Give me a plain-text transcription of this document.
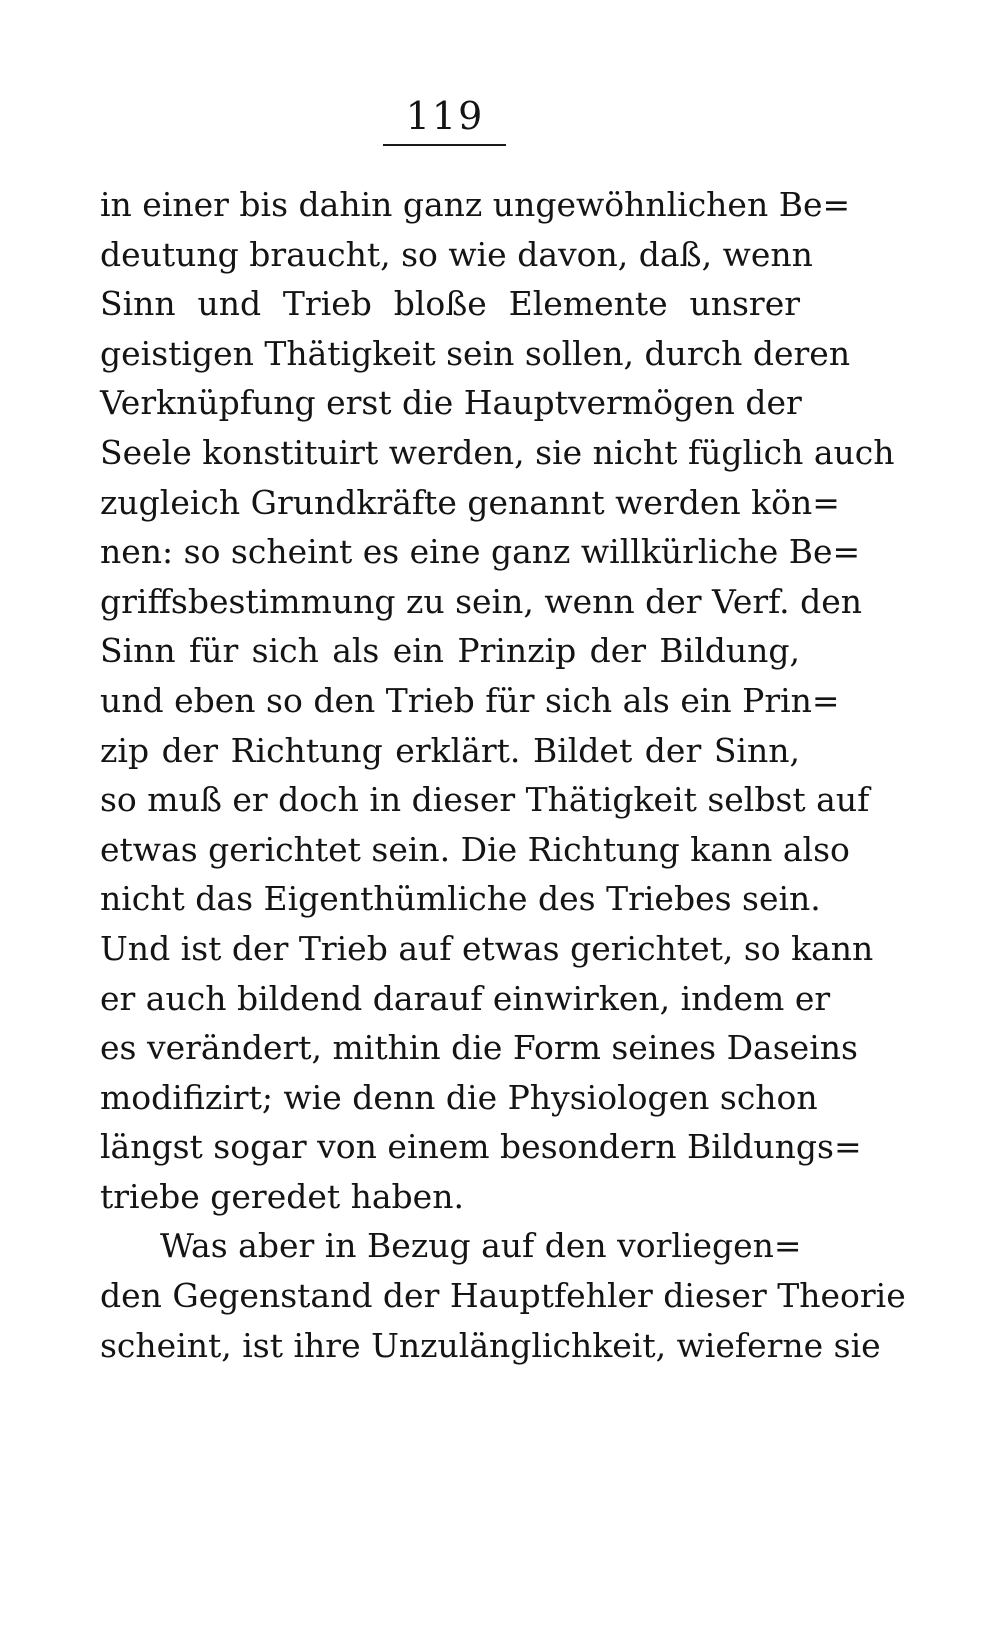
119
in einer bis dahin ganz ungewöhnlichen Be=
deutung braucht, so wie davon, daß, wenn
Sinn und Trieb bloße Elemente unsrer
geistigen Thätigkeit sein sollen, durch deren
Verknüpfung erst die Hauptvermögen der
Seele konstituirt werden, sie nicht füglich auch
zugleich Grundkräfte genannt werden kön=
nen: so scheint es eine ganz willkürliche Be=
griffsbestimmung zu sein, wenn der Verf. den
Sinn für sich als ein Prinzip der Bildung,
und eben so den Trieb für sich als ein Prin=
zip der Richtung erklärt. Bildet der Sinn,
so muß er doch in dieser Thätigkeit selbst auf
etwas gerichtet sein. Die Richtung kann also
nicht das Eigenthümliche des Triebes sein.
Und ist der Trieb auf etwas gerichtet, so kann
er auch bildend darauf einwirken, indem er
es verändert, mithin die Form seines Daseins
modifizirt; wie denn die Physiologen schon
längst sogar von einem besondern Bildungs=
triebe geredet haben.
Was aber in Bezug auf den vorliegen=
den Gegenstand der Hauptfehler dieser Theorie
scheint, ist ihre Unzulänglichkeit, wieferne sie
